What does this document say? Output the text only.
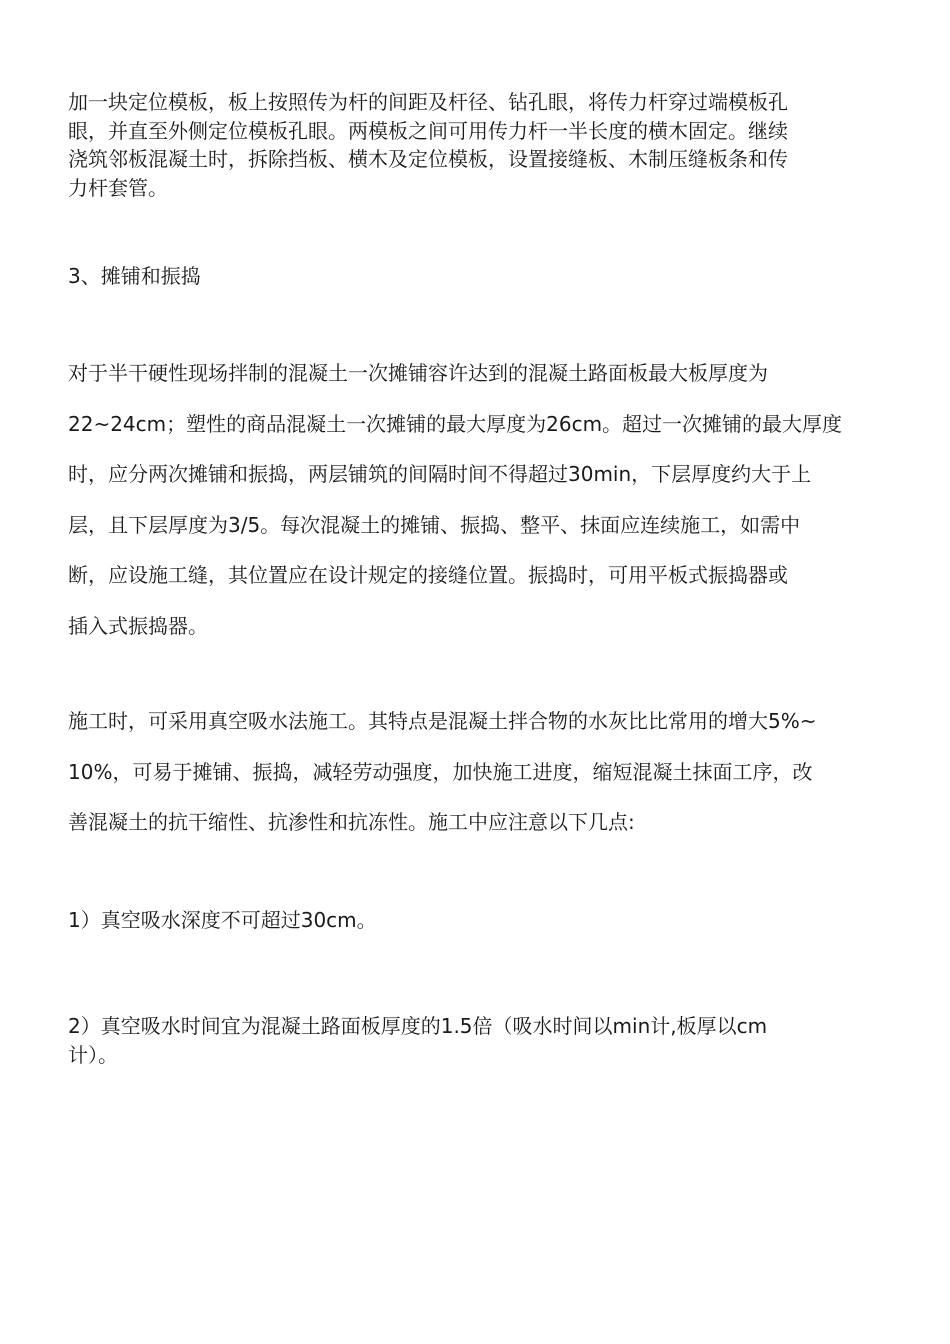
加一块定位模板，板上按照传为杆的间距及杆径、钻孔眼，将传力杆穿过端模板孔
眼，并直至外侧定位模板孔眼。两模板之间可用传力杆一半长度的横木固定。继续
浇筑邻板混凝土时，拆除挡板、横木及定位模板，设置接缝板、木制压缝板条和传
力杆套管。
3、摊铺和振捣
对于半干硬性现场拌制的混凝土一次摊铺容许达到的混凝土路面板最大板厚度为
22~24cm；塑性的商品混凝土一次摊铺的最大厚度为26cm。超过一次摊铺的最大厚度
时，应分两次摊铺和振捣，两层铺筑的间隔时间不得超过30min，下层厚度约大于上
层，且下层厚度为3/5。每次混凝土的摊铺、振捣、整平、抹面应连续施工，如需中
断，应设施工缝，其位置应在设计规定的接缝位置。振捣时，可用平板式振捣器或
插入式振捣器。
施工时，可采用真空吸水法施工。其特点是混凝土拌合物的水灰比比常用的增大5%~
10%，可易于摊铺、振捣，减轻劳动强度，加快施工进度，缩短混凝土抹面工序，改
善混凝土的抗干缩性、抗渗性和抗冻性。施工中应注意以下几点:
1）真空吸水深度不可超过30cm。
2）真空吸水时间宜为混凝土路面板厚度的1.5倍（吸水时间以min计,板厚以cm
计）。
